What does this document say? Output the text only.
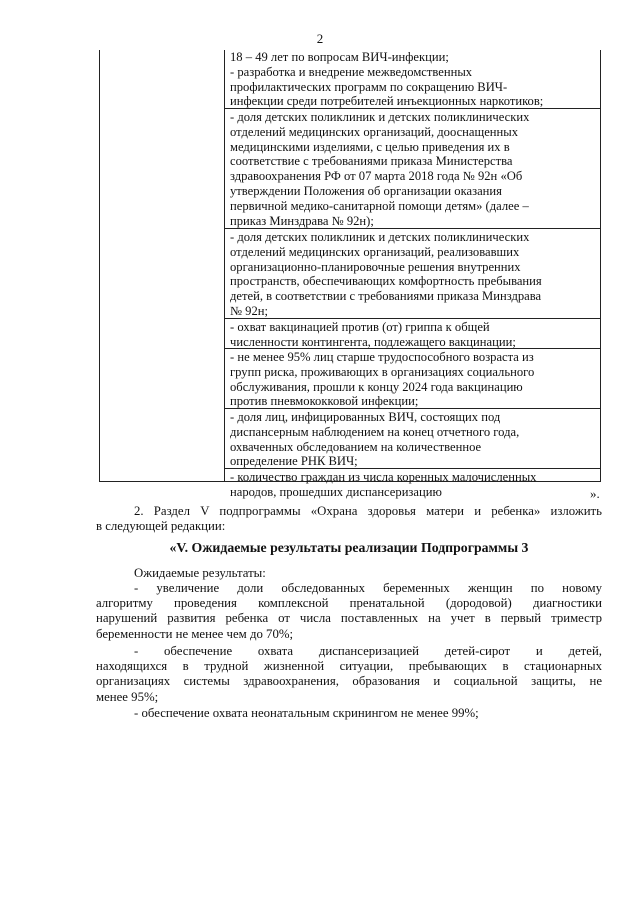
2
18 – 49 лет по вопросам ВИЧ-инфекции;
- разработка и внедрение межведомственных
профилактических программ по сокращению ВИЧ-
инфекции среди потребителей инъекционных наркотиков;
- доля детских поликлиник и детских поликлинических
отделений медицинских организаций, дооснащенных
медицинскими изделиями, с целью приведения их в
соответствие с требованиями приказа Министерства
здравоохранения РФ от 07 марта 2018 года № 92н «Об
утверждении Положения об организации оказания
первичной медико-санитарной помощи детям» (далее –
приказ Минздрава № 92н);
- доля детских поликлиник и детских поликлинических
отделений медицинских организаций, реализовавших
организационно-планировочные решения внутренних
пространств, обеспечивающих комфортность пребывания
детей, в соответствии с требованиями приказа Минздрава
№ 92н;
- охват вакцинацией против (от) гриппа к общей
численности контингента, подлежащего вакцинации;
- не менее 95% лиц старше трудоспособного возраста из
групп риска, проживающих в организациях социального
обслуживания, прошли к концу 2024 года вакцинацию
против пневмококковой инфекции;
- доля лиц, инфицированных ВИЧ, состоящих под
диспансерным наблюдением на конец отчетного года,
охваченных обследованием на количественное
определение РНК ВИЧ;
- количество граждан из числа коренных малочисленных
народов, прошедших диспансеризацию	».
2. Раздел V подпрограммы «Охрана здоровья матери и ребенка» изложить
в следующей редакции:
«V. Ожидаемые результаты реализации Подпрограммы 3
Ожидаемые результаты:
- увеличение доли обследованных беременных женщин по новому
алгоритму проведения комплексной пренатальной (дородовой) диагностики
нарушений развития ребенка от числа поставленных на учет в первый триместр
беременности не менее чем до 70%;
- обеспечение охвата диспансеризацией детей-сирот и детей,
находящихся в трудной жизненной ситуации, пребывающих в стационарных
организациях системы здравоохранения, образования и социальной защиты, не
менее 95%;
- обеспечение охвата неонатальным скринингом не менее 99%;
